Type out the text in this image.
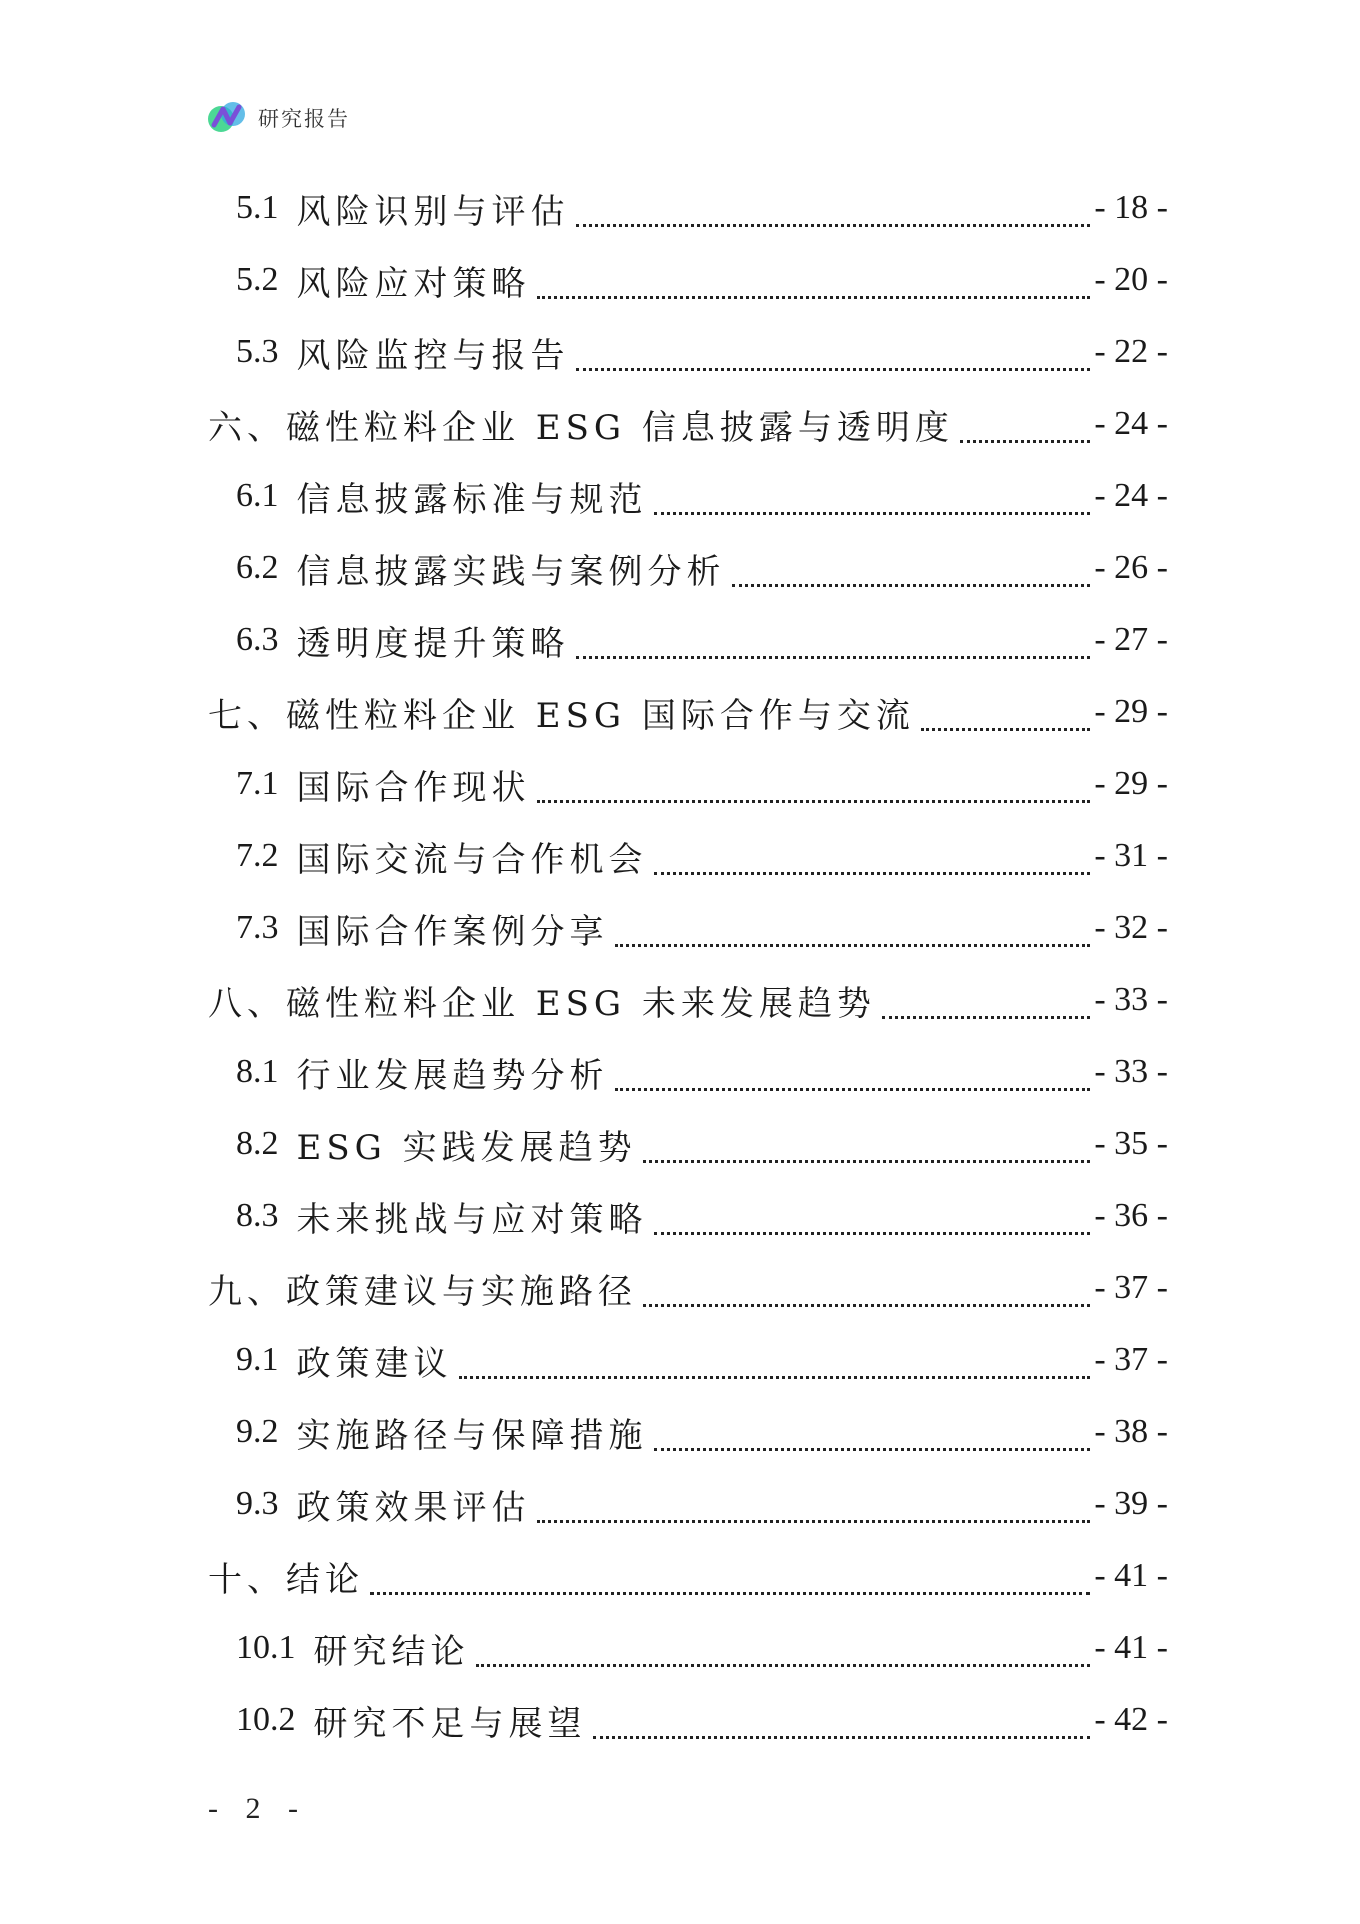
研究报告
5.1 风险识别与评估	- 18 -
5.2 风险应对策略	- 20 -
5.3 风险监控与报告	- 22 -
六、磁性粒料企业 ESG 信息披露与透明度	- 24 -
6.1 信息披露标准与规范	- 24 -
6.2 信息披露实践与案例分析	- 26 -
6.3 透明度提升策略	- 27 -
七、磁性粒料企业 ESG 国际合作与交流	- 29 -
7.1 国际合作现状	- 29 -
7.2 国际交流与合作机会	- 31 -
7.3 国际合作案例分享	- 32 -
八、磁性粒料企业 ESG 未来发展趋势	- 33 -
8.1 行业发展趋势分析	- 33 -
8.2 ESG 实践发展趋势	- 35 -
8.3 未来挑战与应对策略	- 36 -
九、政策建议与实施路径	- 37 -
9.1 政策建议	- 37 -
9.2 实施路径与保障措施	- 38 -
9.3 政策效果评估	- 39 -
十、结论	- 41 -
10.1 研究结论	- 41 -
10.2 研究不足与展望	- 42 -
- 2 -
